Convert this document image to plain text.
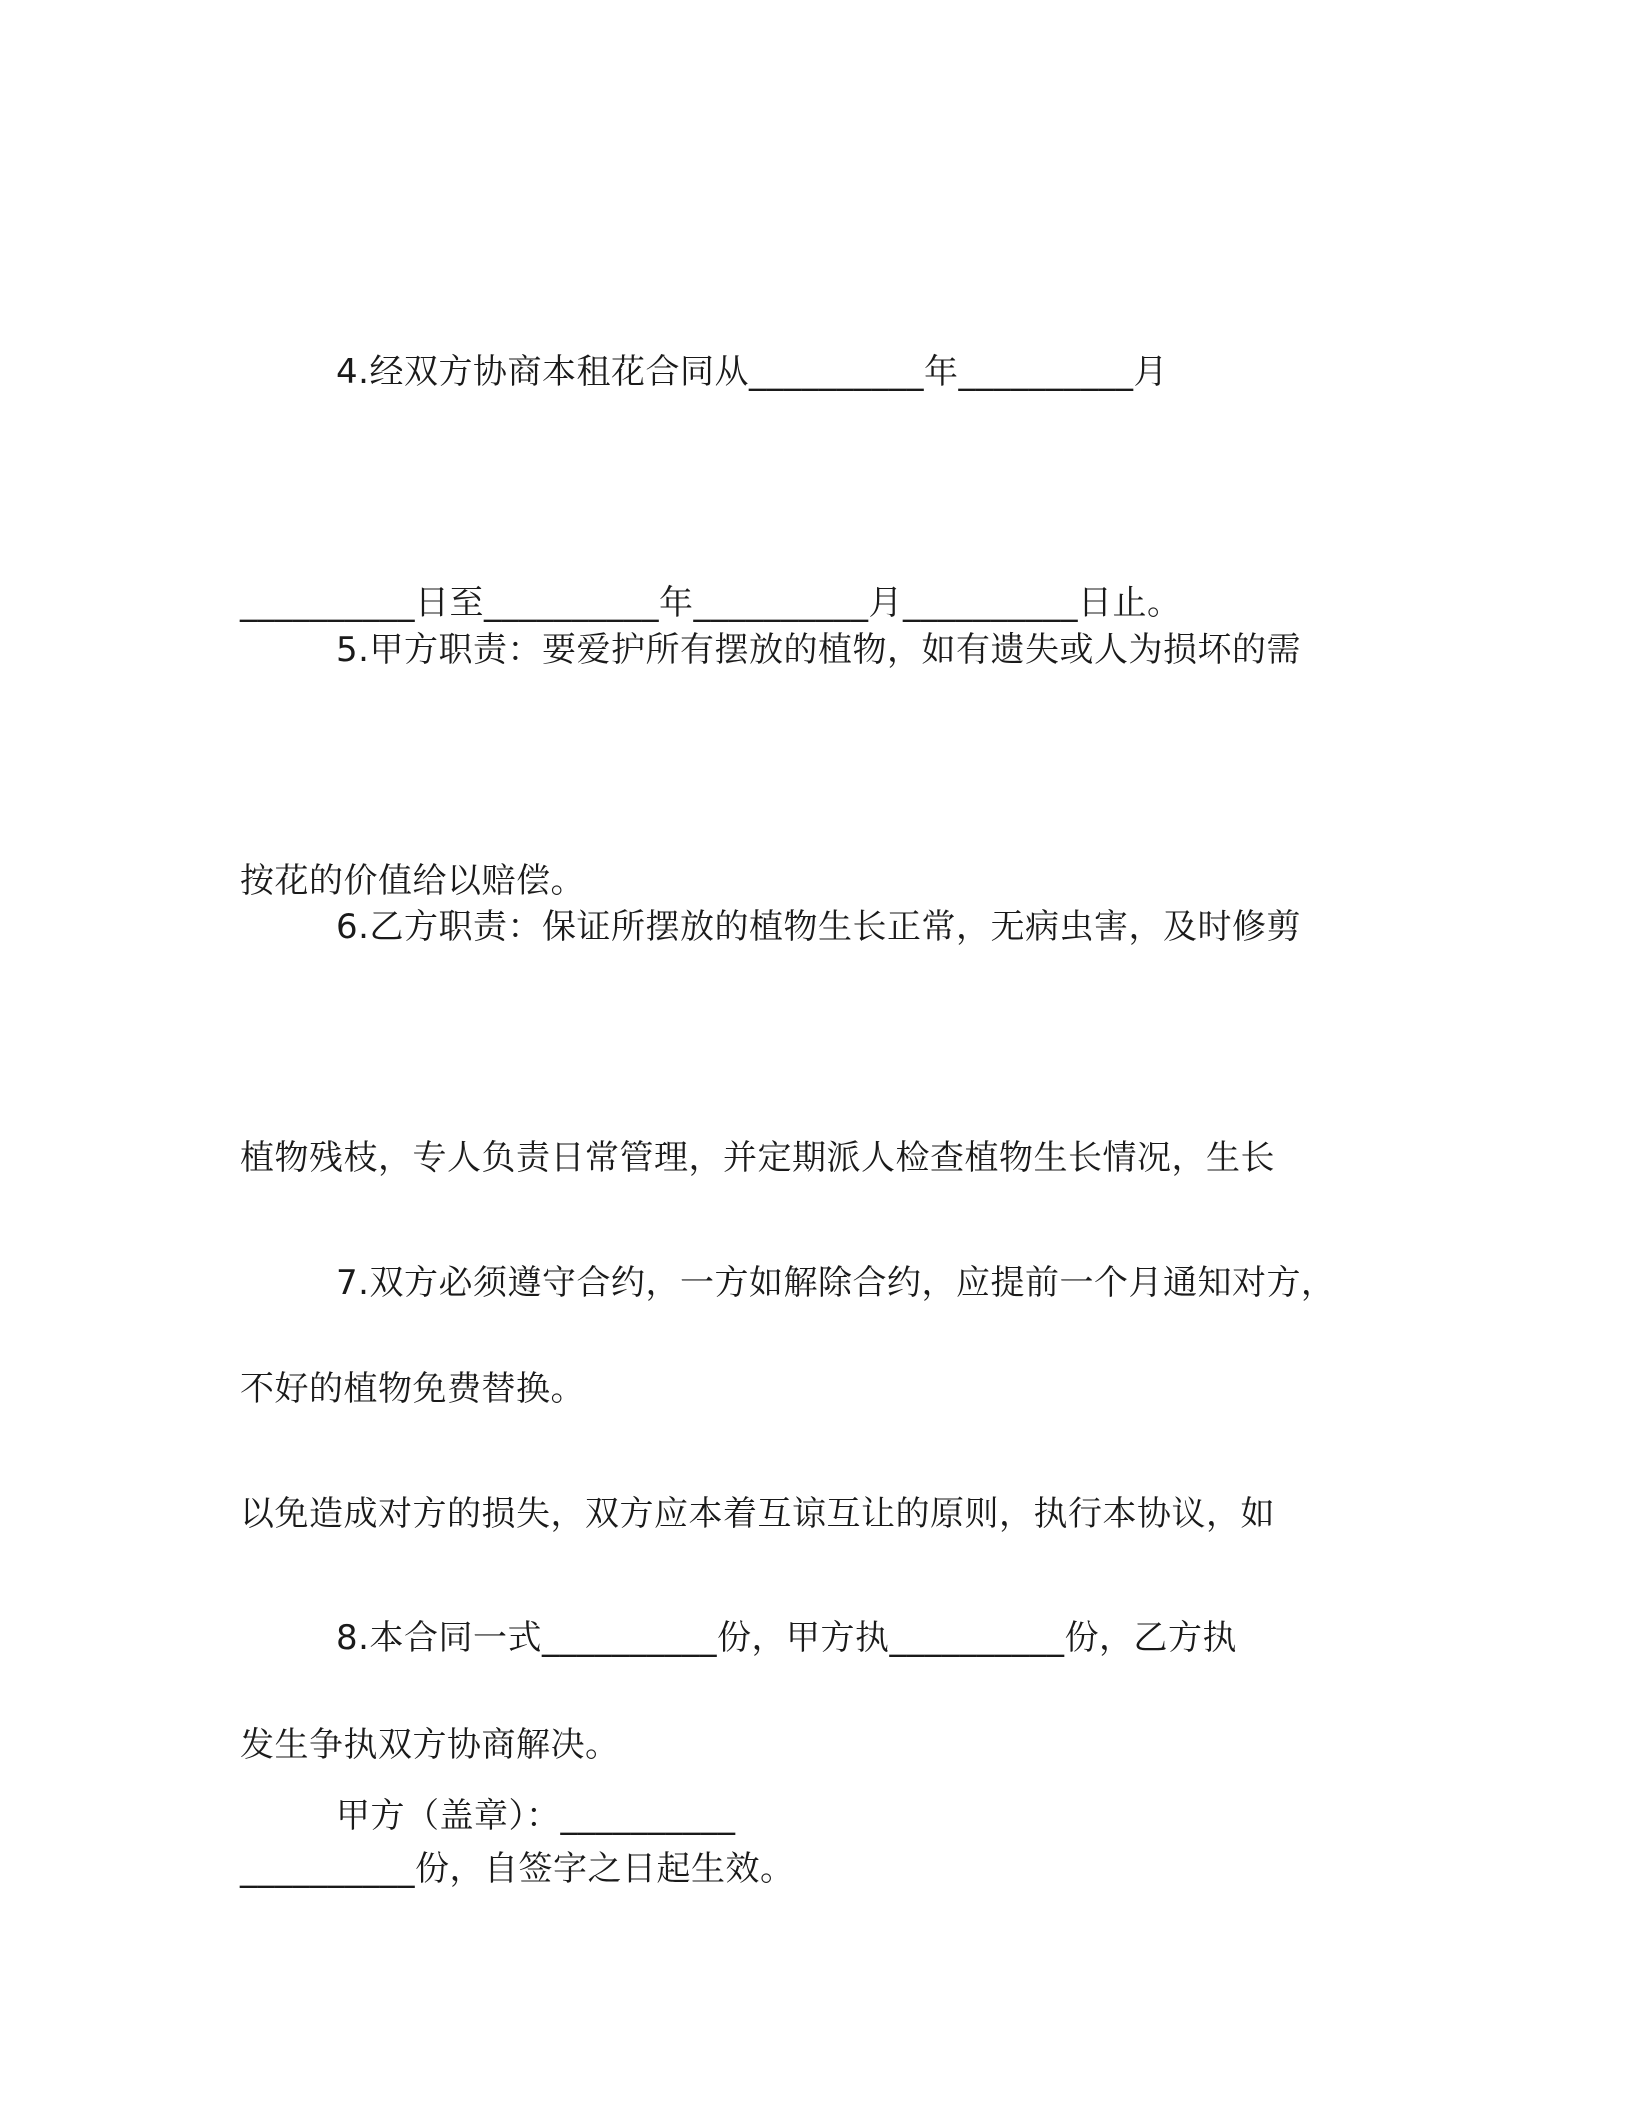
4.经双方协商本租花合同从__________年__________月

__________日至__________年__________月__________日止。

5.甲方职责：要爱护所有摆放的植物，如有遗失或人为损坏的需

按花的价值给以赔偿。

6.乙方职责：保证所摆放的植物生长正常，无病虫害，及时修剪

植物残枝，专人负责日常管理，并定期派人检查植物生长情况，生长

不好的植物免费替换。

7.双方必须遵守合约，一方如解除合约，应提前一个月通知对方，

以免造成对方的损失，双方应本着互谅互让的原则，执行本协议，如

发生争执双方协商解决。

8.本合同一式__________份，甲方执__________份，乙方执

__________份，自签字之日起生效。

甲方（盖章）：__________
